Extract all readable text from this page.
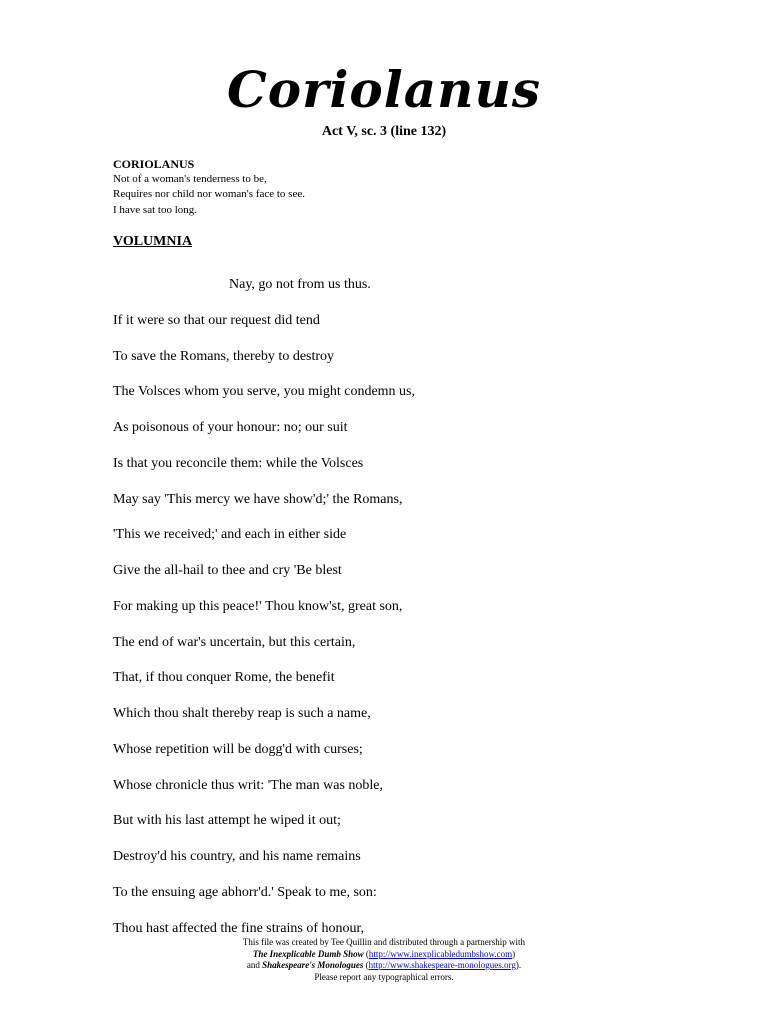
Coriolanus
Act V, sc. 3 (line 132)
CORIOLANUS
Not of a woman's tenderness to be,
Requires nor child nor woman's face to see.
I have sat too long.
VOLUMNIA
Nay, go not from us thus.
If it were so that our request did tend
To save the Romans, thereby to destroy
The Volsces whom you serve, you might condemn us,
As poisonous of your honour: no; our suit
Is that you reconcile them: while the Volsces
May say 'This mercy we have show'd;' the Romans,
'This we received;' and each in either side
Give the all-hail to thee and cry 'Be blest
For making up this peace!' Thou know'st, great son,
The end of war's uncertain, but this certain,
That, if thou conquer Rome, the benefit
Which thou shalt thereby reap is such a name,
Whose repetition will be dogg'd with curses;
Whose chronicle thus writ: 'The man was noble,
But with his last attempt he wiped it out;
Destroy'd his country, and his name remains
To the ensuing age abhorr'd.' Speak to me, son:
Thou hast affected the fine strains of honour,
This file was created by Tee Quillin and distributed through a partnership with
The Inexplicable Dumb Show (http://www.inexplicabledumbshow.com)
and Shakespeare's Monologues (http://www.shakespeare-monologues.org).
Please report any typographical errors.
